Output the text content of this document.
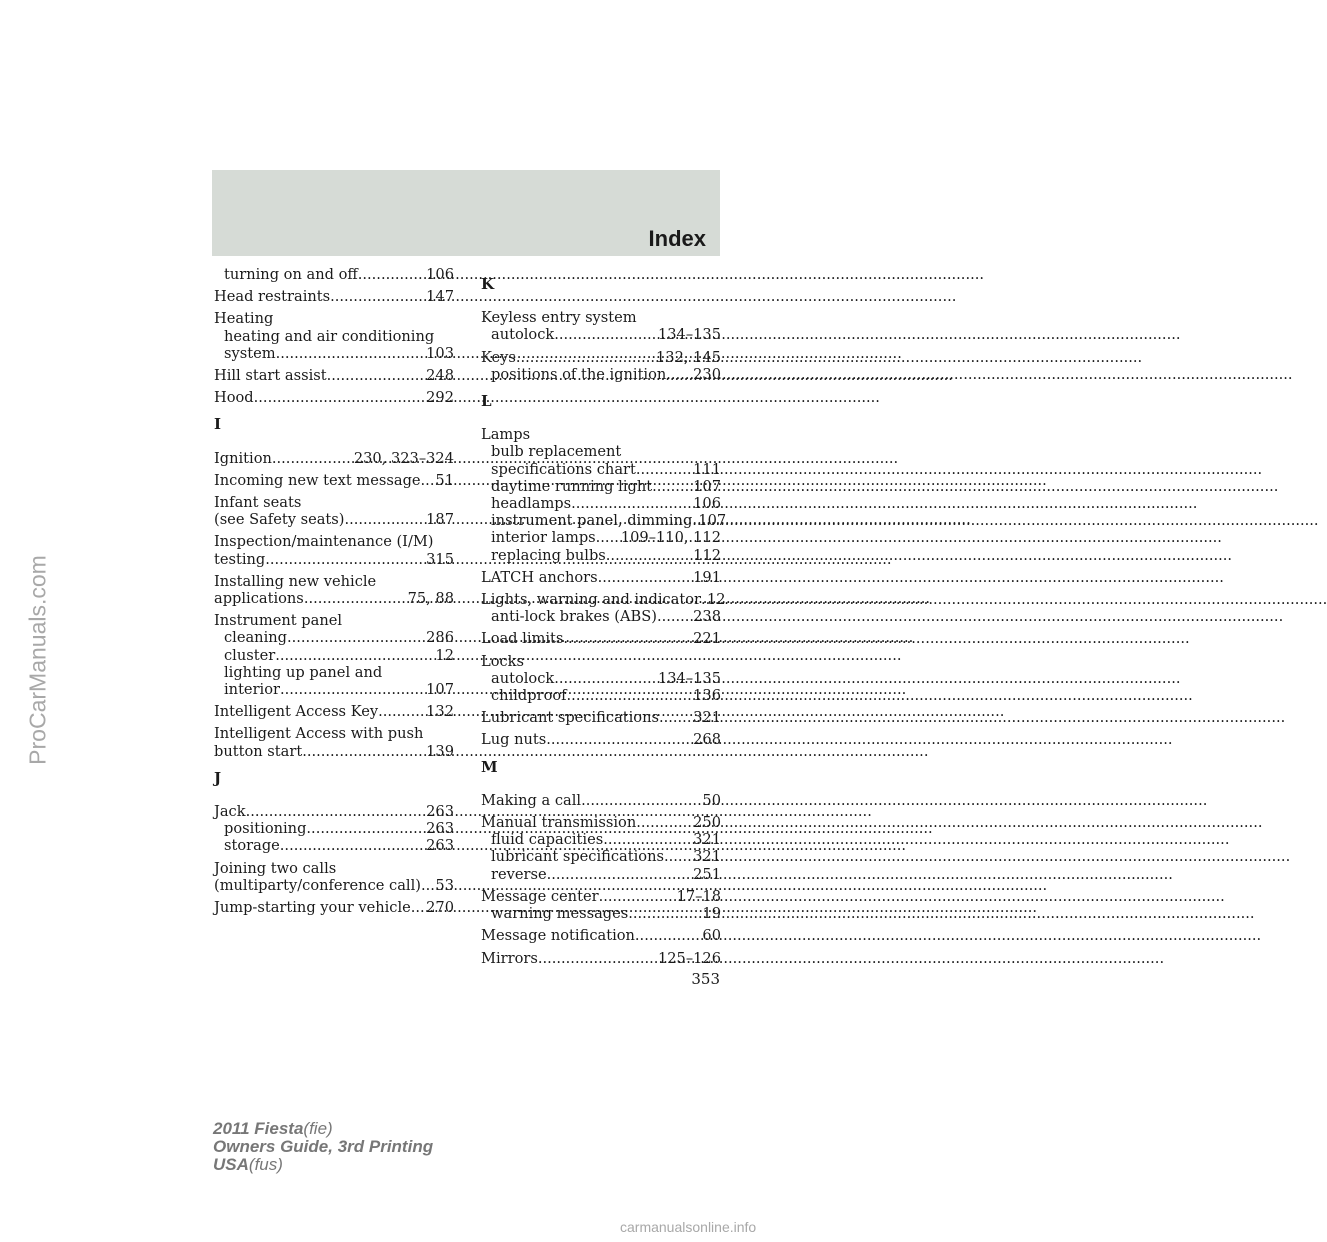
Index
turning on and off .....	106
Head restraints .....	147
Heating
heating and air conditioning
system .....	103
Hill start assist .....	248
Hood .....	292
I
Ignition .....	230, 323–324
Incoming new text message ..... 51
Infant seats
(see Safety seats) .....	187
Inspection/maintenance (I/M)
testing .....	315
Installing new vehicle
applications .....	75, 88
Instrument panel
cleaning .....	286
cluster .....	12
lighting up panel and
interior .....	107
Intelligent Access Key .....	132
Intelligent Access with push
button start .....	139
J
Jack .....	263
positioning .....	263
storage .....	263
Joining two calls
(multiparty/conference call) ..... 53
Jump-starting your vehicle ..... 270
K
Keyless entry system
autolock .....	134–135
Keys .....	132, 145
positions of the ignition ..... 230
L
Lamps
bulb replacement
specifications chart .....	111
daytime running light .....	107
headlamps .....	106
instrument panel, dimming ..... 107
interior lamps ..... 109–110, 112
replacing bulbs .....	112
LATCH anchors .....	191
Lights, warning and indicator ..... 12
anti-lock brakes (ABS) ..... 238
Load limits .....	221
Locks
autolock .....	134–135
childproof .....	136
Lubricant specifications ..... 321
Lug nuts .....	268
M
Making a call .....	50
Manual transmission .....	250
fluid capacities .....	321
lubricant specifications ..... 321
reverse .....	251
Message center .....	17–18
warning messages .....	19
Message notification .....	60
Mirrors .....	125–126
353
2011 Fiesta(fie)
Owners Guide, 3rd Printing
USA(fus)
ProCarManuals.com
carmanualsonline.info
